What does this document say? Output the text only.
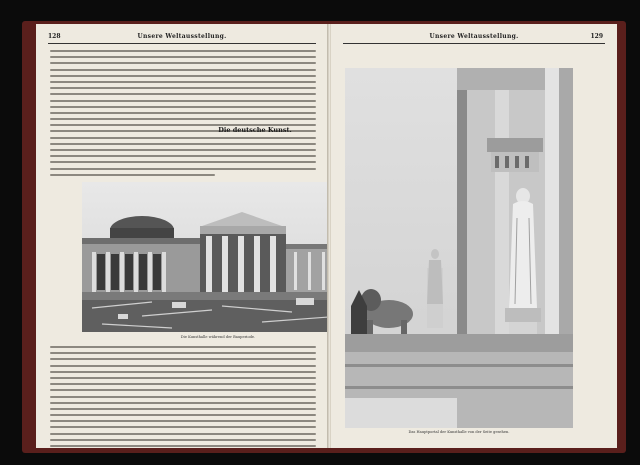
128	Unsere Weltausstellung.
Die Kunsthalle während der Bauperiode.
Unsere Weltausstellung.	129
Das Hauptportal der Kunsthalle von der Seite gesehen.
Die deutsche Kunst.
